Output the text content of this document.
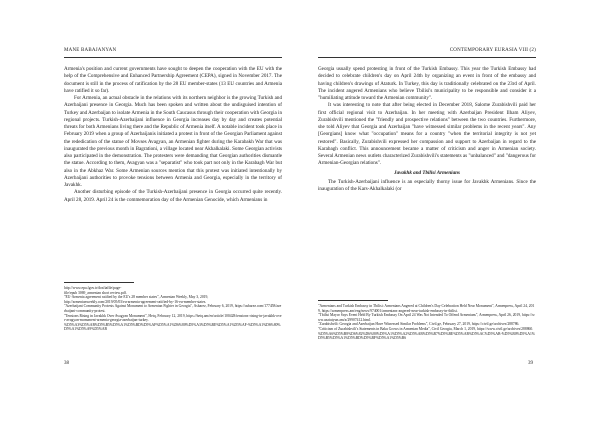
MANE BABAJANYAN

Armenia's position and current governments have sought to deepen the cooperation with the EU with the help of the Comprehensive and Enhanced Partnership Agreement (CEPA), signed in November 2017. The document is still in the process of ratification by the 28 EU member-states (13 EU countries and Armenia have ratified it so far).

For Armenia, an actual obstacle in the relations with its northern neighbor is the growing Turkish and Azerbaijani presence in Georgia. Much has been spoken and written about the undisguised intention of Turkey and Azerbaijan to isolate Armenia in the South Caucasus through their cooperation with Georgia in regional projects. Turkish-Azerbaijani influence in Georgia increases day by day and creates potential threats for both Armenians living there and the Republic of Armenia itself. A notable incident took place in February 2019 when a group of Azerbaijanis initiated a protest in front of the Georgian Parliament against the rededication of the statue of Movses Avagyan, an Armenian fighter during the Karabakh War that was inaugurated the previous month in Bagrationi, a village located near Akhalkalaki. Some Georgian activists also participated in the demonstration. The protesters were demanding that Georgian authorities dismantle the statue. According to them, Avagyan was a "separatist" who took part not only in the Karabagh War but also in the Abkhaz War. Some Armenian sources mention that this protest was initiated intentionally by Azerbaijani authorities to provoke tensions between Armenia and Georgia, especially in the territory of Javakhk.

Another disturbing episode of the Turkish-Azerbaijani presence in Georgia occurred quite recently. April 28, 2019. April 24 is the commemoration day of the Armenian Genocide, which Armenians in

http://www.epa.fgov.tr/dosfiafile/page-
file/epub 3069_armenian short review.pdf.
"EU-Armenia agreement ratified by the EU's 28 member states", Armenian Weekly, May 3, 2019,
http://armenianweekly.com/2019/05/03/eu-armenia-agreement-ratified-by-16-eu-member-states.
"Azerbaijani Community Protests Against Monument to Armenian Fighter in Georgia", Asbarez, February 6, 2019, https://asbarez.com/177458/azerbaijani-community-protest.
"Tensions Rising in Javakhk Over Avagyan Monument", Hetq, February 12, 2019, https://hetq.am/en/article/100428/tensions-rising-in-javakhk-over-avagyan-monument-armenia-georgia-azerbaijan-turkey.
%D5%A3%D5%AB%D5%B5%D5%A1%D5%BD%D5%AF%D5%A1%D6%80%D5%A3%D5%BE%D5%A1%D5%AF-%D5%A1%D6%80%D5%A1%D5%A9%D5%AB
38
CONTEMPORARY EURASIA VIII (2)

Georgia usually spend protesting in front of the Turkish Embassy. This year the Turkish Embassy had decided to celebrate children's day on April 24th by organizing an event in front of the embassy and having children's drawings of Ataturk. In Turkey, this day is traditionally celebrated on the 23rd of April. The incident angered Armenians who believe Tbilisi's municipality to be responsible and consider it a "humiliating attitude toward the Armenian community".

It was interesting to note that after being elected in December 2018, Salome Zurabishvili paid her first official regional visit to Azerbaijan. In her meeting with Azerbaijan President Ilham Aliyev, Zurabishvili mentioned the "friendly and prospective relations" between the two countries. Furthermore, she told Aliyev that Georgia and Azerbaijan "have witnessed similar problems in the recent years". Any [Georgians] know what "occupation" means for a country "when the territorial integrity is not yet restored". Basically, Zurabishvili expressed her compassion and support to Azerbaijan in regard to the Karabagh conflict. This announcement became a matter of criticism and anger in Armenian society. Several Armenian news outlets characterized Zurabishvili's statements as "unbalanced" and "dangerous for Armenian-Georgian relations".

Javakhk and Tbilisi Armenians

The Turkish-Azerbaijani influence is an especially thorny issue for Javakhk Armenians. Since the inauguration of the Kars-Akhalkalaki (or

"Armenians and Turkish Embassy in Tbilisi: Armenians Angered at Children's Day Celebration Held Near Monument", Armenpress, April 24, 2019, https://armenpress.am/eng/news/974001/armenians-angered-near-turkish-embassy-in-tbilisi.
"Tbilisi Mayor Says Event Held By Turkish Embassy On April 24 Was Not Intended To Offend Armenians", Armenpress, April 26, 2019, https://www.azatutyun.am/a/29907412.html.
"Zurabishvili: Georgia and Azerbaijan Have Witnessed Similar Problems", Civil.ge, February 27, 2019, https://civil.ge/archives/288786.
"Criticism of Zurabishvili's Statements in Baku Grows in Armenian Media", Civil Georgia, March 1, 2019, https://www.civil.ge/archives/288860.
%D5%A6%D5%B8%D6%82%D6%80%D5%A1%D5%A2%D5%AB%D5%B7%D5%BE%D5%AB%D5%AC%D5%AB-%D5%B0%D5%A1%D5%B5%D5%A1%D5%BD%D5%BF%D5%A1%D5%B6
39
